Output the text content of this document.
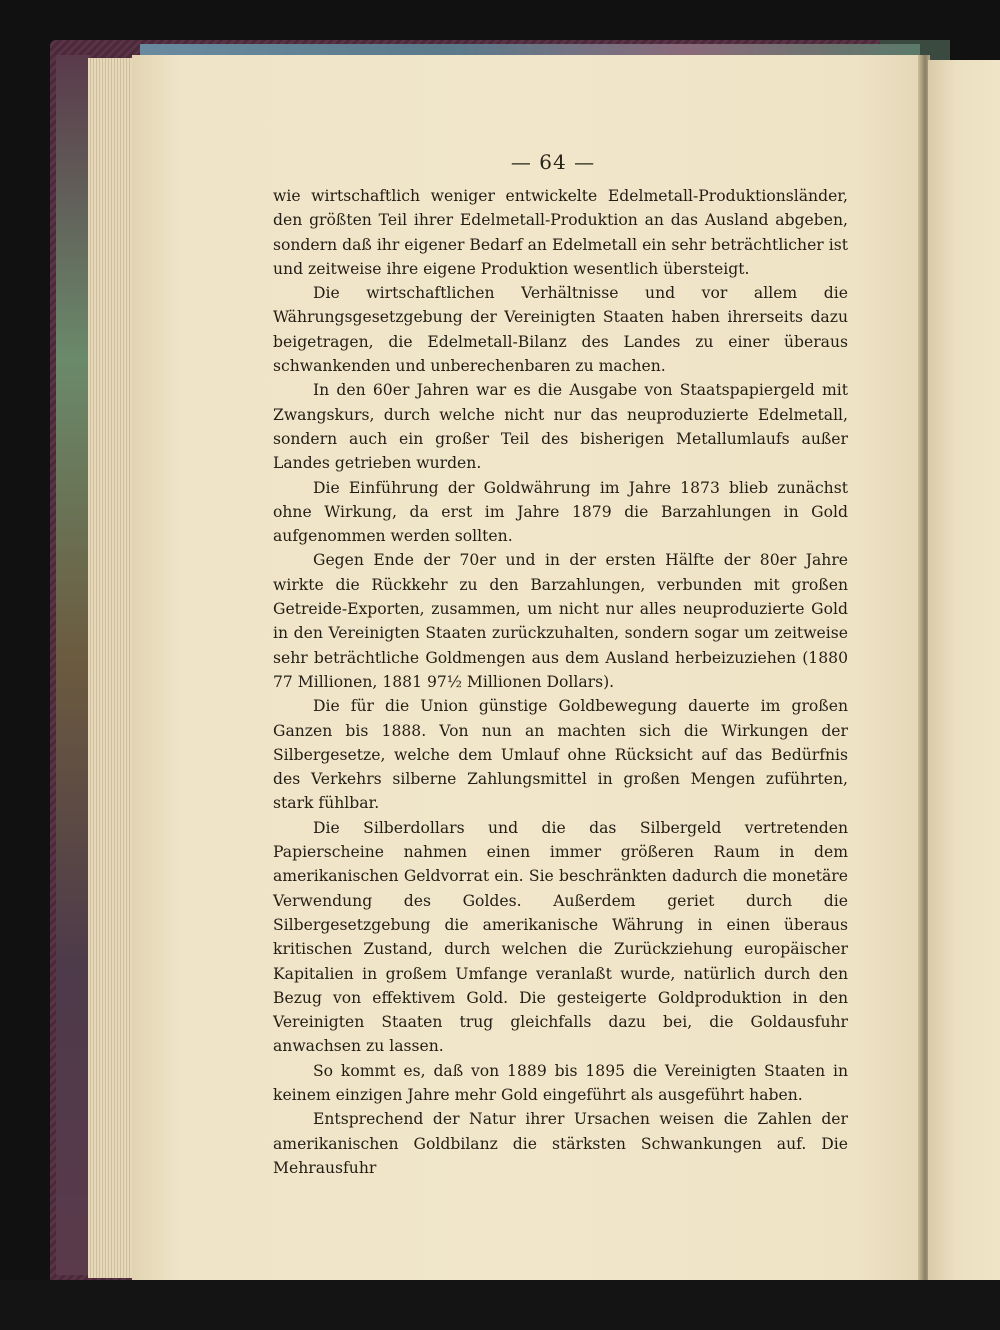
— 64 —

wie wirtschaftlich weniger entwickelte Edelmetall-Produktionsländer, den größten Teil ihrer Edelmetall-Produktion an das Ausland abgeben, sondern daß ihr eigener Bedarf an Edelmetall ein sehr beträchtlicher ist und zeitweise ihre eigene Produktion wesentlich übersteigt.

Die wirtschaftlichen Verhältnisse und vor allem die Währungsgesetzgebung der Vereinigten Staaten haben ihrerseits dazu beigetragen, die Edelmetall-Bilanz des Landes zu einer überaus schwankenden und unberechenbaren zu machen.

In den 60er Jahren war es die Ausgabe von Staatspapiergeld mit Zwangskurs, durch welche nicht nur das neuproduzierte Edelmetall, sondern auch ein großer Teil des bisherigen Metallumlaufs außer Landes getrieben wurden.

Die Einführung der Goldwährung im Jahre 1873 blieb zunächst ohne Wirkung, da erst im Jahre 1879 die Barzahlungen in Gold aufgenommen werden sollten.

Gegen Ende der 70er und in der ersten Hälfte der 80er Jahre wirkte die Rückkehr zu den Barzahlungen, verbunden mit großen Getreide-Exporten, zusammen, um nicht nur alles neuproduzierte Gold in den Vereinigten Staaten zurückzuhalten, sondern sogar um zeitweise sehr beträchtliche Goldmengen aus dem Ausland herbeizuziehen (1880 77 Millionen, 1881 97½ Millionen Dollars).

Die für die Union günstige Goldbewegung dauerte im großen Ganzen bis 1888. Von nun an machten sich die Wirkungen der Silbergesetze, welche dem Umlauf ohne Rücksicht auf das Bedürfnis des Verkehrs silberne Zahlungsmittel in großen Mengen zuführten, stark fühlbar.

Die Silberdollars und die das Silbergeld vertretenden Papierscheine nahmen einen immer größeren Raum in dem amerikanischen Geldvorrat ein. Sie beschränkten dadurch die monetäre Verwendung des Goldes. Außerdem geriet durch die Silbergesetzgebung die amerikanische Währung in einen überaus kritischen Zustand, durch welchen die Zurückziehung europäischer Kapitalien in großem Umfange veranlaßt wurde, natürlich durch den Bezug von effektivem Gold. Die gesteigerte Goldproduktion in den Vereinigten Staaten trug gleichfalls dazu bei, die Goldausfuhr anwachsen zu lassen.

So kommt es, daß von 1889 bis 1895 die Vereinigten Staaten in keinem einzigen Jahre mehr Gold eingeführt als ausgeführt haben.

Entsprechend der Natur ihrer Ursachen weisen die Zahlen der amerikanischen Goldbilanz die stärksten Schwankungen auf. Die Mehrausfuhr
